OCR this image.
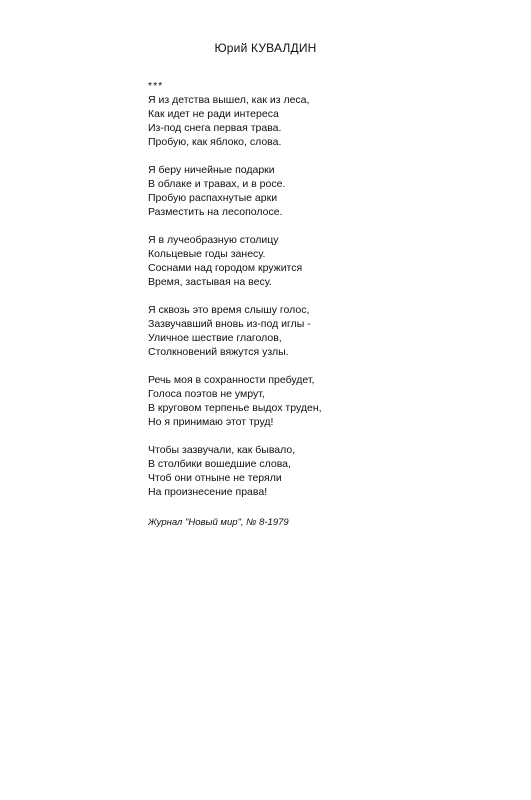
Юрий КУВАЛДИН
***
Я из детства вышел, как из леса,
Как идет не ради интереса
Из-под снега первая трава.
Пробую, как яблоко, слова.
Я беру ничейные подарки
В облаке и травах, и в росе.
Пробую распахнутые арки
Разместить на лесополосе.
Я в лучеобразную столицу
Кольцевые годы занесу.
Соснами над городом кружится
Время, застывая на весу.
Я сквозь это время слышу голос,
Зазвучавший вновь из-под иглы -
Уличное шествие глаголов,
Столкновений вяжутся узлы.
Речь моя в сохранности пребудет,
Голоса поэтов не умрут,
В круговом терпенье выдох труден,
Но я принимаю этот труд!
Чтобы зазвучали, как бывало,
В столбики вошедшие слова,
Чтоб они отныне не теряли
На произнесение права!
Журнал "Новый мир", № 8-1979
